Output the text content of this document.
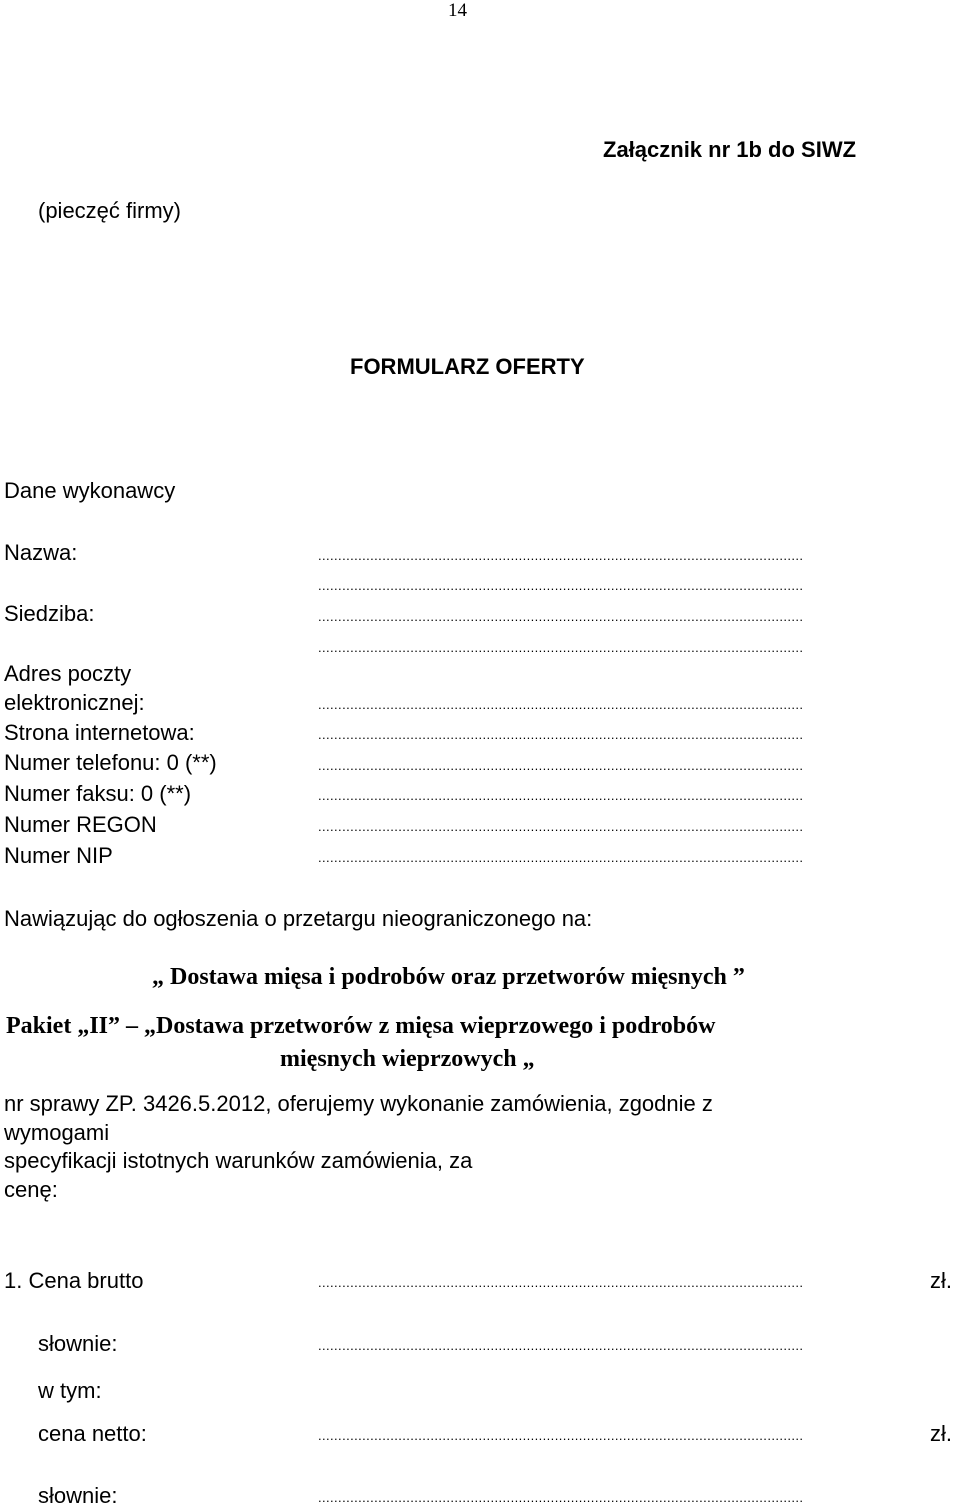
14
Załącznik nr 1b do SIWZ
(pieczęć firmy)
FORMULARZ OFERTY
Dane wykonawcy
Nazwa:	.........................................................................................................................
.........................................................................................................................
Siedziba:	.........................................................................................................................
.........................................................................................................................
Adres poczty
elektronicznej:	.........................................................................................................................
Strona internetowa:	.........................................................................................................................
Numer telefonu: 0 (**)	.........................................................................................................................
Numer faksu: 0 (**)	.........................................................................................................................
Numer REGON	.........................................................................................................................
Numer NIP	.........................................................................................................................
Nawiązując do ogłoszenia o przetargu nieograniczonego na:
„ Dostawa mięsa i podrobów oraz przetworów mięsnych ”
Pakiet „II” – „Dostawa przetworów z mięsa wieprzowego i podrobów
mięsnych wieprzowych „
nr sprawy ZP. 3426.5.2012, oferujemy wykonanie zamówienia, zgodnie z
wymogami
specyfikacji istotnych warunków zamówienia, za
cenę:
1. Cena brutto	.........................................................................................................................	zł.
słownie:	.........................................................................................................................
w tym:
cena netto:	.........................................................................................................................	zł.
słownie:	.........................................................................................................................
